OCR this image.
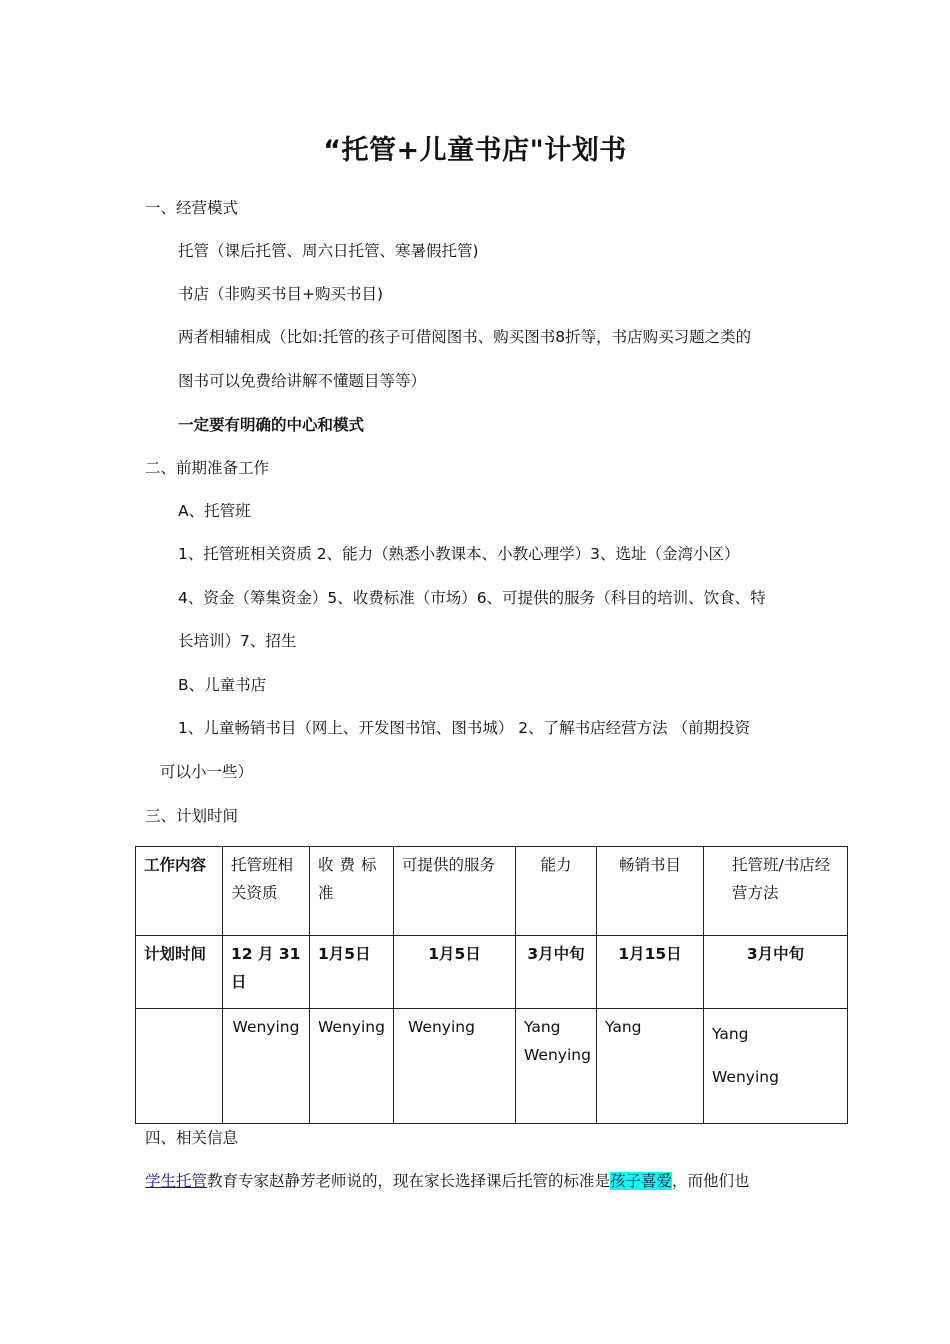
“托管+儿童书店"计划书
一、经营模式
托管（课后托管、周六日托管、寒暑假托管)
书店（非购买书目+购买书目)
两者相辅相成（比如:托管的孩子可借阅图书、购买图书8折等，书店购买习题之类的
图书可以免费给讲解不懂题目等等）
一定要有明确的中心和模式
二、前期准备工作
A、托管班
1、托管班相关资质 2、能力（熟悉小教课本、小教心理学）3、选址（金湾小区）
4、资金（筹集资金）5、收费标准（市场）6、可提供的服务（科目的培训、饮食、特
长培训）7、招生
B、儿童书店
1、儿童畅销书目（网上、开发图书馆、图书城） 2、了解书店经营方法 （前期投资
可以小一些）
三、计划时间
工作内容	托管班相关资质	收费标准	可提供的服务	能力	畅销书目	托管班/书店经营方法
计划时间	12 月 31 日	1月5日	1月5日	3月中旬	1月15日	3月中旬
	Wenying	Wenying	Wenying	Yang Wenying	Yang	Yang Wenying
四、相关信息
学生托管教育专家赵静芳老师说的，现在家长选择课后托管的标准是孩子喜爱，而他们也
